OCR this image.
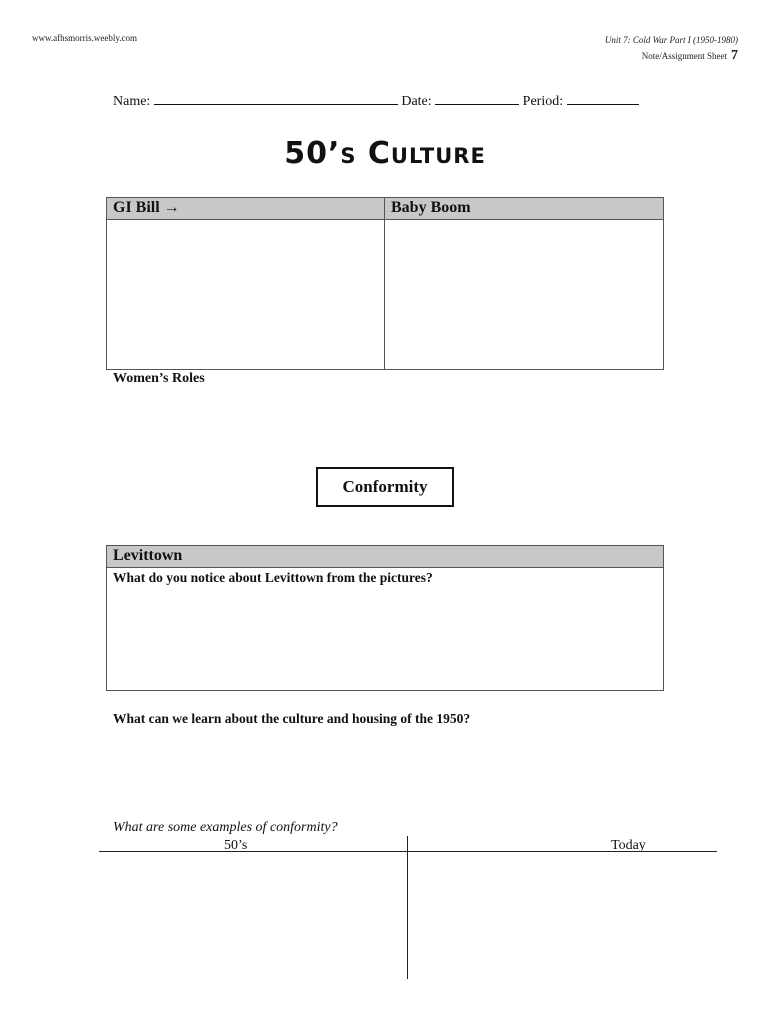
www.afhsmorris.weebly.com	Unit 7: Cold War Part I (1950-1980)
Note/Assignment Sheet 7
Name:	Date:	Period:
50’s Culture
GI Bill →	Baby Boom
Women’s Roles
Conformity
Levittown
What do you notice about Levittown from the pictures?
What can we learn about the culture and housing of the 1950?
What are some examples of conformity?
50’s	Today
